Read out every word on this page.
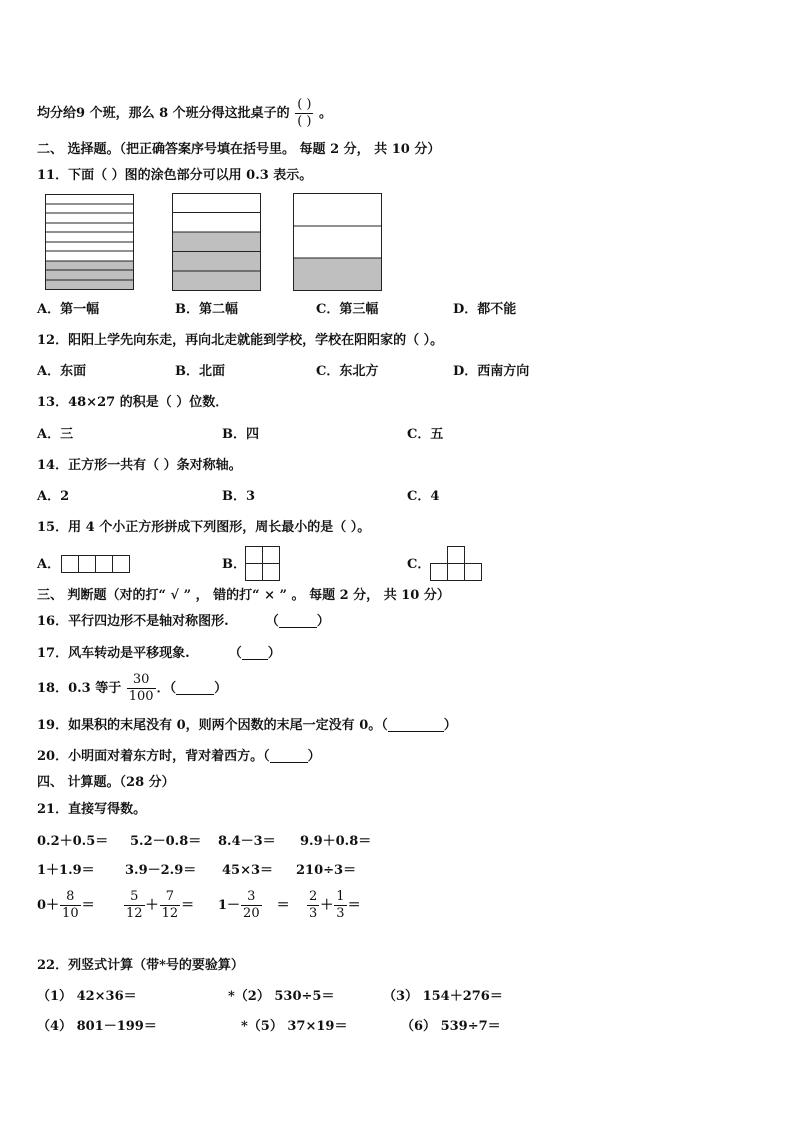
均分给9 个班，那么 8 个班分得这批桌子的 $\frac{( )}{( )}$ 。
二、 选择题。（把正确答案序号填在括号里。 每题 2 分， 共 10 分）
11．下面（ ）图的涂色部分可以用 0.3 表示。
A．第一幅	B．第二幅	C．第三幅	D．都不能
12．阳阳上学先向东走，再向北走就能到学校，学校在阳阳家的（ ）。
A．东面	B．北面	C．东北方	D．西南方向
13．48×27 的积是（ ）位数．
A．三	B．四	C．五
14．正方形一共有（ ）条对称轴。
A．2	B．3	C．4
15．用 4 个小正方形拼成下列图形，周长最小的是（ ）。
A．	B．	C．
三、 判断题（对的打“ √ ” ， 错的打“ × ” 。 每题 2 分， 共 10 分）
16．平行四边形不是轴对称图形.	（	）
17．风车转动是平移现象.	（ ）
18．0.3 等于 $\frac{30}{100}$ ．（	）
19．如果积的末尾没有 0，则两个因数的末尾一定没有 0。（	）
20．小明面对着东方时，背对着西方。（	）
四、 计算题。（28 分）
21．直接写得数。
0.2＋0.5＝ 5.2－0.8＝ 8.4－3＝ 9.9＋0.8＝
1＋1.9＝ 3.9－2.9＝ 45×3＝ 210÷3＝
$0+ \frac{8}{10} = \frac{5}{12} + \frac{7}{12} = 1- \frac{3}{20} = \frac{2}{3} + \frac{1}{3}$ ＝
22．列竖式计算（带*号的要验算）
（1） 42×36＝	*（2） 530÷5＝	（3） 154＋276＝
（4） 801－199＝	*（5） 37×19＝	（6） 539÷7＝
